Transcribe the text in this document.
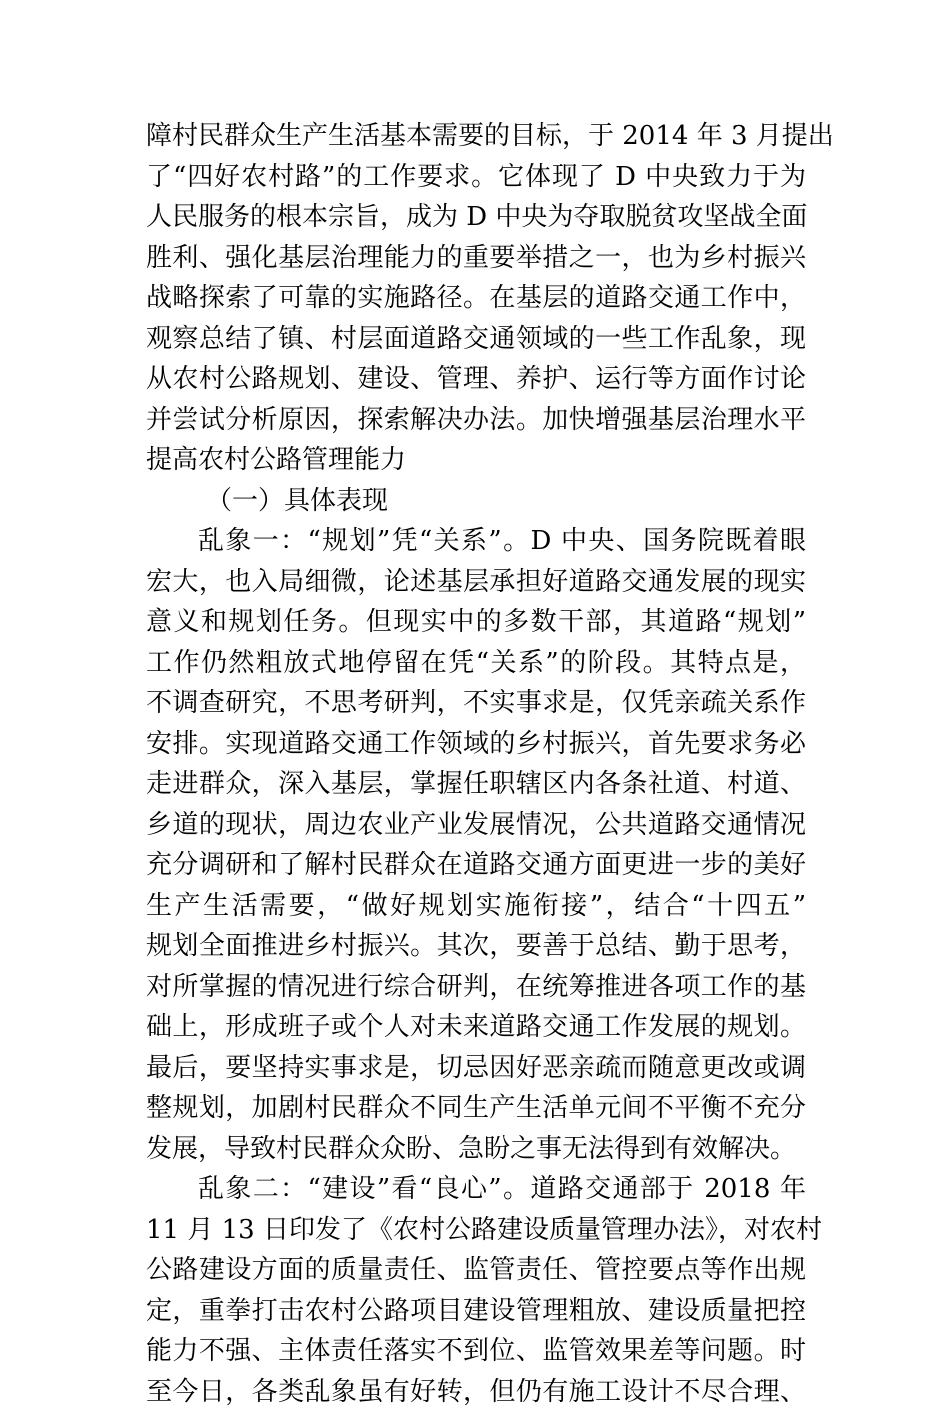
障村民群众生产生活基本需要的目标，于 2014 年 3 月提出
了“四好农村路”的工作要求。它体现了 D 中央致力于为
人民服务的根本宗旨，成为 D 中央为夺取脱贫攻坚战全面
胜利、强化基层治理能力的重要举措之一，也为乡村振兴
战略探索了可靠的实施路径。在基层的道路交通工作中，
观察总结了镇、村层面道路交通领域的一些工作乱象，现
从农村公路规划、建设、管理、养护、运行等方面作讨论
并尝试分析原因，探索解决办法。加快增强基层治理水平
提高农村公路管理能力
（一）具体表现
乱象一：“规划”凭“关系”。D 中央、国务院既着眼
宏大，也入局细微，论述基层承担好道路交通发展的现实
意义和规划任务。但现实中的多数干部，其道路“规划”
工作仍然粗放式地停留在凭“关系”的阶段。其特点是，
不调查研究，不思考研判，不实事求是，仅凭亲疏关系作
安排。实现道路交通工作领域的乡村振兴，首先要求务必
走进群众，深入基层，掌握任职辖区内各条社道、村道、
乡道的现状，周边农业产业发展情况，公共道路交通情况
充分调研和了解村民群众在道路交通方面更进一步的美好
生产生活需要，“做好规划实施衔接”，结合“十四五”
规划全面推进乡村振兴。其次，要善于总结、勤于思考，
对所掌握的情况进行综合研判，在统筹推进各项工作的基
础上，形成班子或个人对未来道路交通工作发展的规划。
最后，要坚持实事求是，切忌因好恶亲疏而随意更改或调
整规划，加剧村民群众不同生产生活单元间不平衡不充分
发展，导致村民群众众盼、急盼之事无法得到有效解决。
乱象二：“建设”看“良心”。道路交通部于 2018 年
11 月 13 日印发了《农村公路建设质量管理办法》，对农村
公路建设方面的质量责任、监管责任、管控要点等作出规
定，重拳打击农村公路项目建设管理粗放、建设质量把控
能力不强、主体责任落实不到位、监管效果差等问题。时
至今日，各类乱象虽有好转，但仍有施工设计不尽合理、
